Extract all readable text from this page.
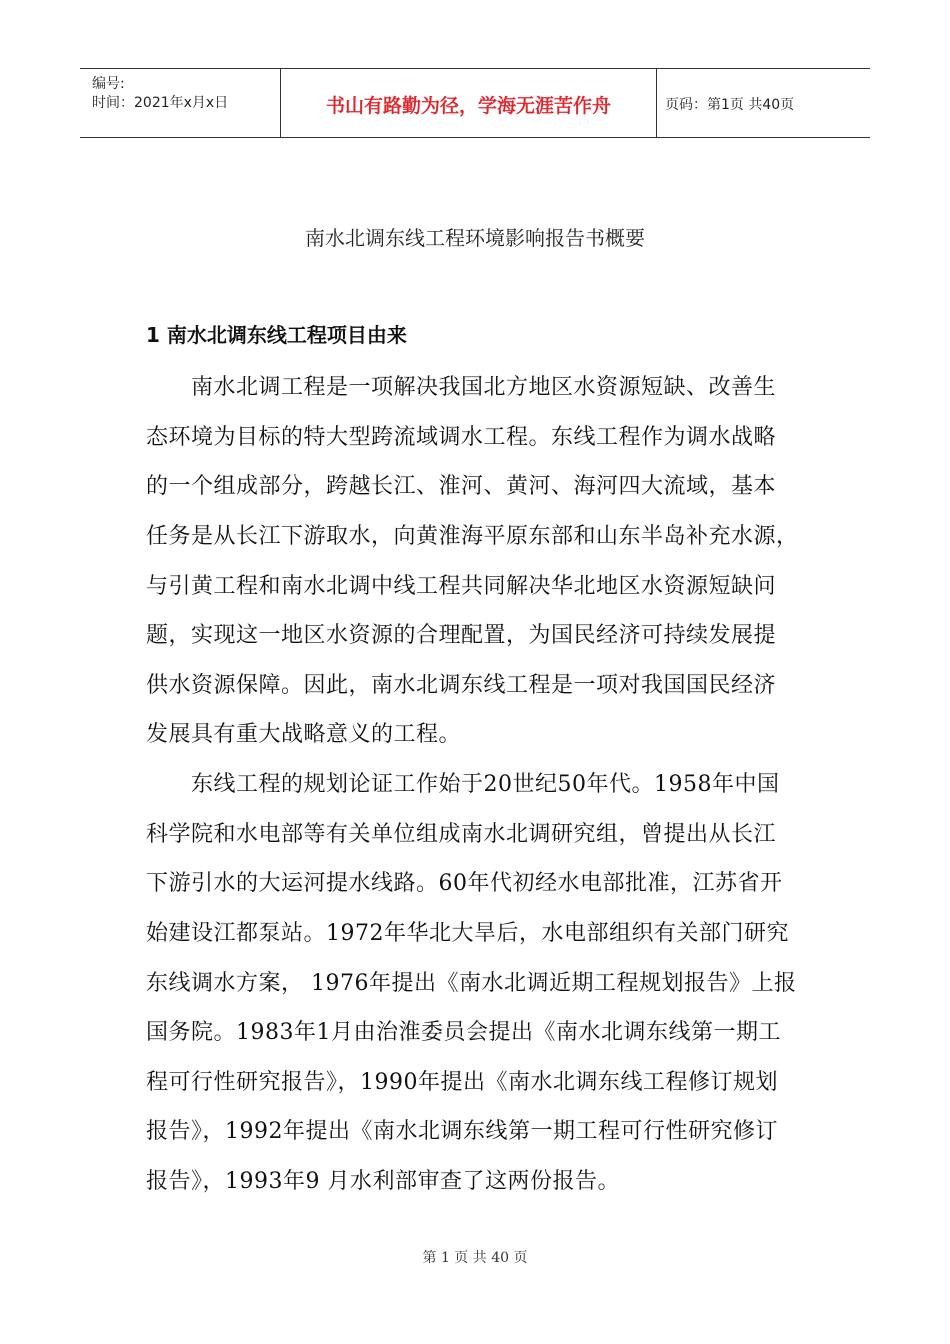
编号:
时间：2021年x月x日	书山有路勤为径，学海无涯苦作舟	页码：第1页 共40页
南水北调东线工程环境影响报告书概要
1 南水北调东线工程项目由来
　　南水北调工程是一项解决我国北方地区水资源短缺、改善生
态环境为目标的特大型跨流域调水工程。东线工程作为调水战略
的一个组成部分，跨越长江、淮河、黄河、海河四大流域，基本
任务是从长江下游取水，向黄淮海平原东部和山东半岛补充水源，
与引黄工程和南水北调中线工程共同解决华北地区水资源短缺问
题，实现这一地区水资源的合理配置，为国民经济可持续发展提
供水资源保障。因此，南水北调东线工程是一项对我国国民经济
发展具有重大战略意义的工程。
　　东线工程的规划论证工作始于20世纪50年代。1958年中国
科学院和水电部等有关单位组成南水北调研究组，曾提出从长江
下游引水的大运河提水线路。60年代初经水电部批准，江苏省开
始建设江都泵站。1972年华北大旱后，水电部组织有关部门研究
东线调水方案， 1976年提出《南水北调近期工程规划报告》上报
国务院。1983年1月由治淮委员会提出《南水北调东线第一期工
程可行性研究报告》，1990年提出《南水北调东线工程修订规划
报告》，1992年提出《南水北调东线第一期工程可行性研究修订
报告》，1993年9 月水利部审查了这两份报告。
第 1 页 共 40 页
